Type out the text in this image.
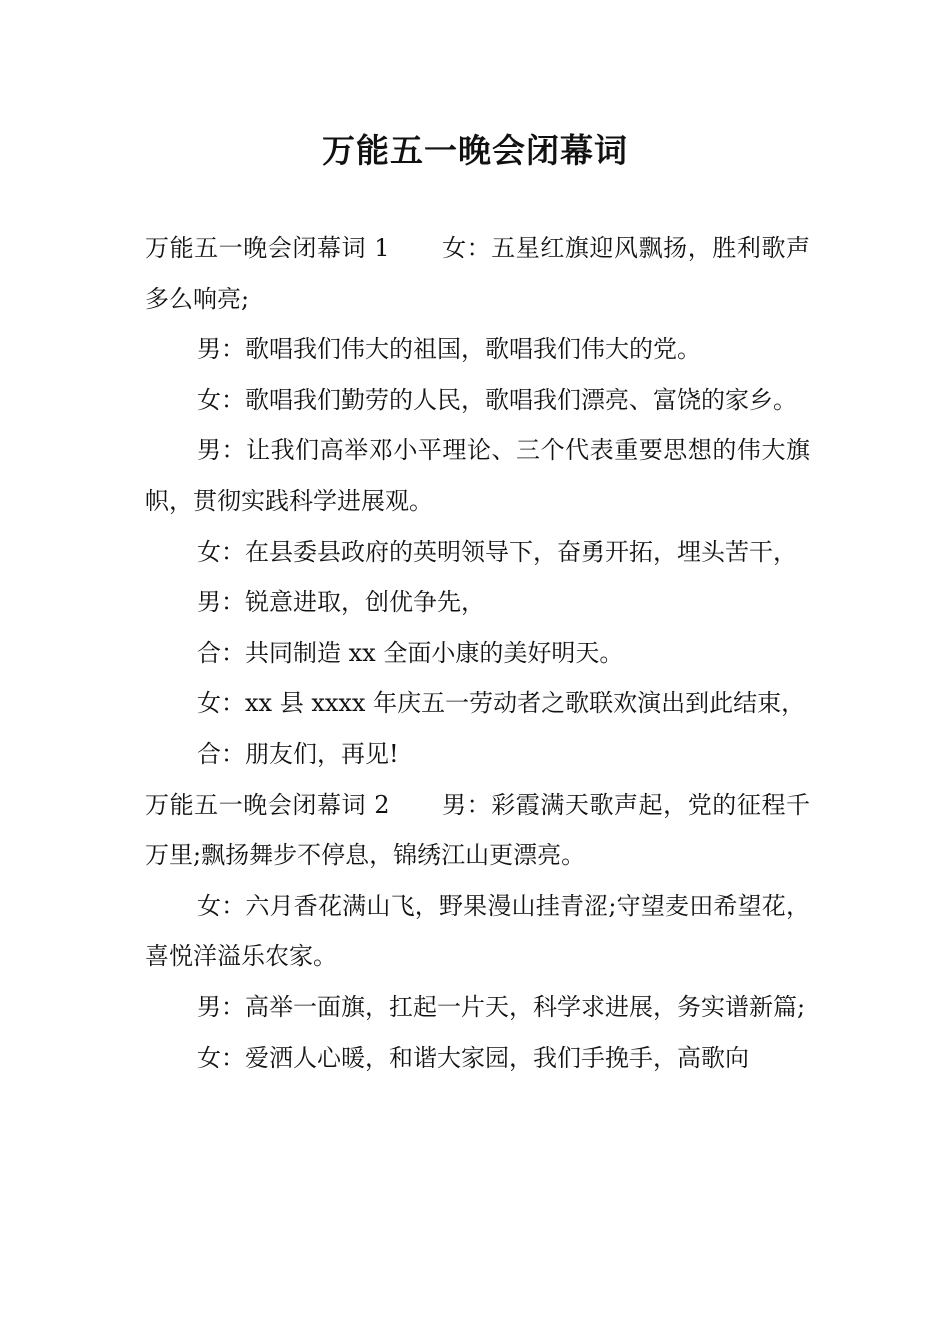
万能五一晚会闭幕词

万能五一晚会闭幕词 1 女：五星红旗迎风飘扬，胜利歌声多么响亮;

男：歌唱我们伟大的祖国，歌唱我们伟大的党。

女：歌唱我们勤劳的人民，歌唱我们漂亮、富饶的家乡。

男：让我们高举邓小平理论、三个代表重要思想的伟大旗帜，贯彻实践科学进展观。

女：在县委县政府的英明领导下，奋勇开拓，埋头苦干，

男：锐意进取，创优争先，

合：共同制造 xx 全面小康的美好明天。

女：xx 县 xxxx 年庆五一劳动者之歌联欢演出到此结束，

合：朋友们，再见!

万能五一晚会闭幕词 2 男：彩霞满天歌声起，党的征程千万里;飘扬舞步不停息，锦绣江山更漂亮。

女：六月香花满山飞，野果漫山挂青涩;守望麦田希望花，喜悦洋溢乐农家。

男：高举一面旗，扛起一片天，科学求进展，务实谱新篇;

女：爱洒人心暖，和谐大家园，我们手挽手，高歌向
